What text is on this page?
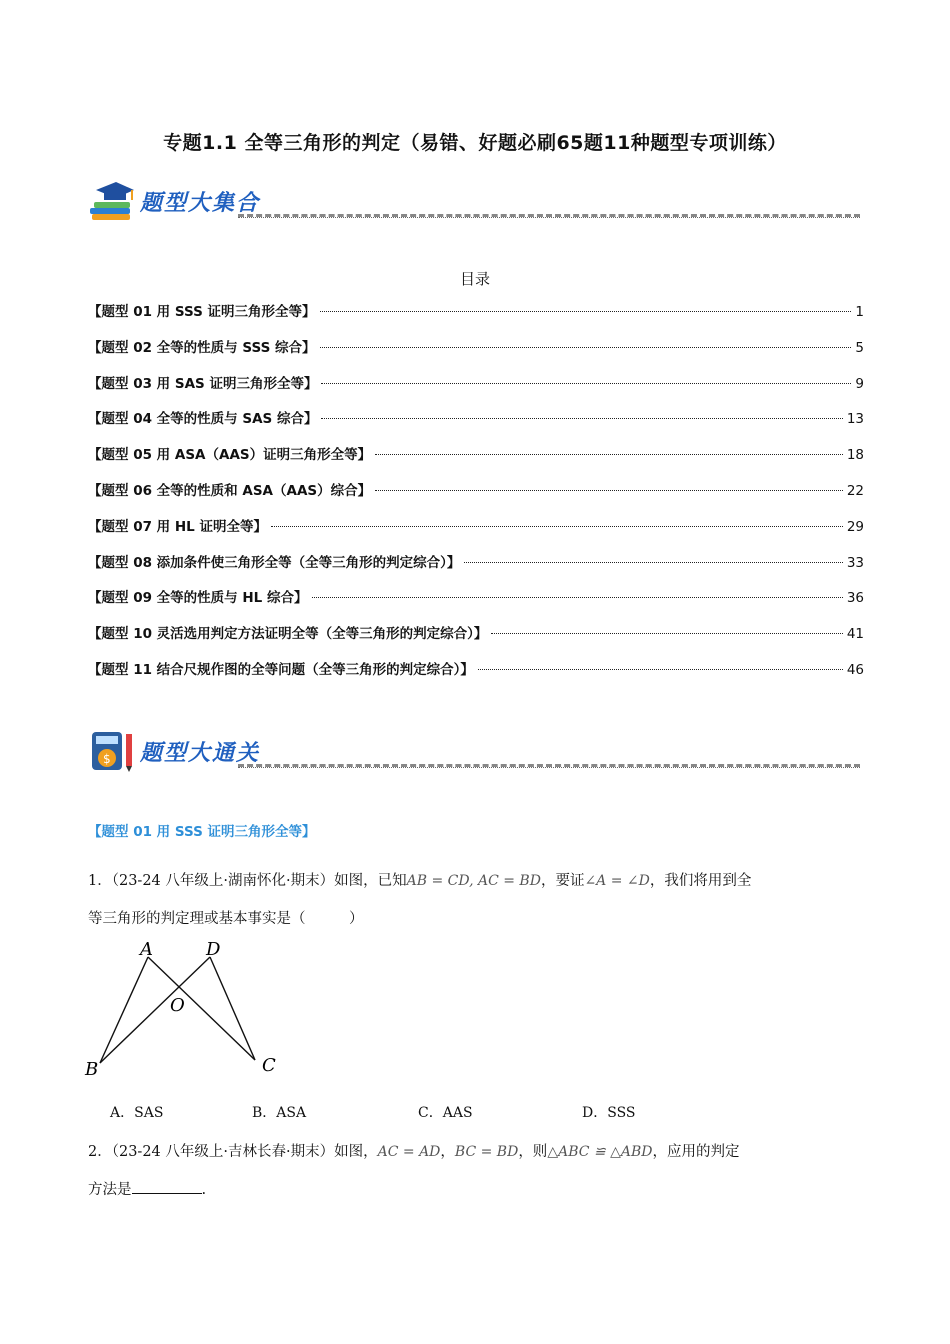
专题1.1 全等三角形的判定（易错、好题必刷65题11种题型专项训练）
题型大集合
目录
【题型 01 用 SSS 证明三角形全等】	1
【题型 02 全等的性质与 SSS 综合】	5
【题型 03 用 SAS 证明三角形全等】	9
【题型 04 全等的性质与 SAS 综合】	13
【题型 05 用 ASA（AAS）证明三角形全等】	18
【题型 06 全等的性质和 ASA（AAS）综合】	22
【题型 07 用 HL 证明全等】	29
【题型 08 添加条件使三角形全等（全等三角形的判定综合）】	33
【题型 09 全等的性质与 HL 综合】	36
【题型 10 灵活选用判定方法证明全等（全等三角形的判定综合）】	41
【题型 11 结合尺规作图的全等问题（全等三角形的判定综合）】	46
$ 题型大通关
【题型 01 用 SSS 证明三角形全等】
1．（23-24 八年级上·湖南怀化·期末）如图，已知AB = CD, AC = BD，要证∠A = ∠D，我们将用到全
等三角形的判定理或基本事实是（　　　）
A	D
O
B	C
A．SAS	B．ASA	C．AAS	D．SSS
2．（23-24 八年级上·吉林长春·期末）如图，AC = AD，BC = BD，则△ABC ≌ △ABD，应用的判定
方法是	.
